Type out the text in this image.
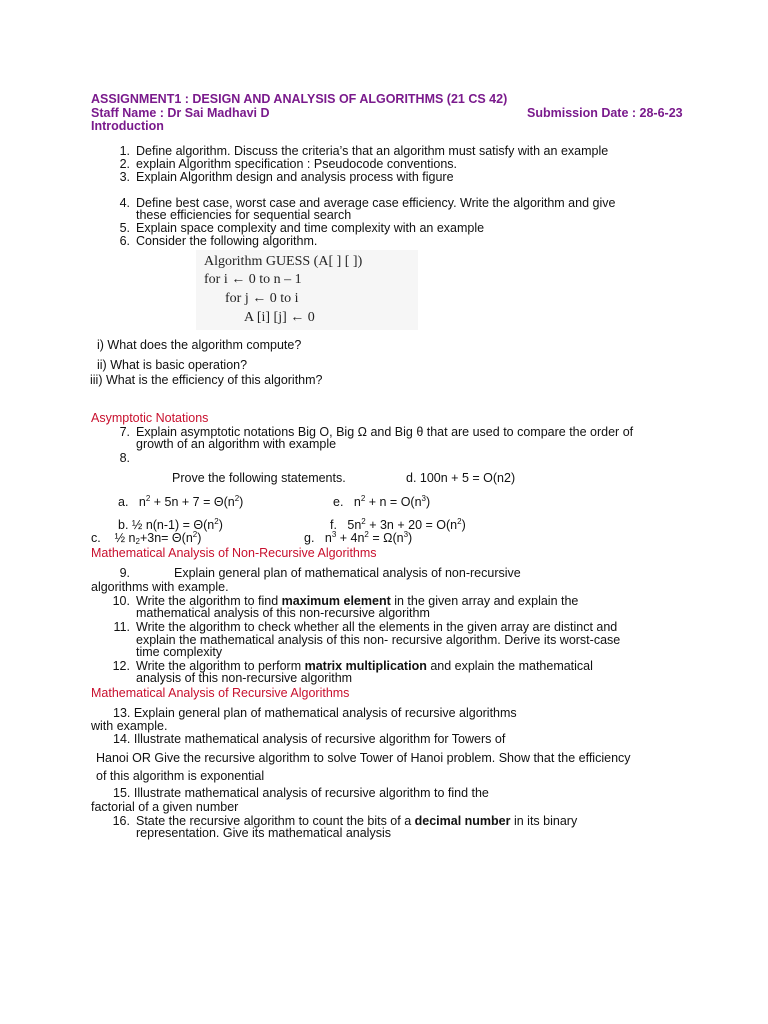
ASSIGNMENT1 : DESIGN AND ANALYSIS OF ALGORITHMS (21 CS 42)
Staff Name : Dr Sai Madhavi D	Submission Date : 28-6-23
Introduction
1. Define algorithm. Discuss the criteria’s that an algorithm must satisfy with an example
2. explain Algorithm specification : Pseudocode conventions.
3. Explain Algorithm design and analysis process with figure
4. Define best case, worst case and average case efficiency. Write the algorithm and give
these efficiencies for sequential search
5. Explain space complexity and time complexity with an example
6. Consider the following algorithm.
Algorithm GUESS (A[ ] [ ])
for i ← 0 to n – 1
for j ← 0 to i
A [i] [j] ← 0
i) What does the algorithm compute?
ii) What is basic operation?
iii) What is the efficiency of this algorithm?
Asymptotic Notations
7. Explain asymptotic notations Big O, Big Ω and Big θ that are used to compare the order of
growth of an algorithm with example
8.
Prove the following statements.	d. 100n + 5 = O(n2)
a. $n^2 + 5n + 7 = \Theta(n^2)$	e. $n^2 + n = O(n^3)$
b. ½ $n(n-1) = \Theta(n^2)$	f. $5n^2 + 3n + 20 = O(n^2)$
c. ½ $n_2+3n= \Theta(n^2)$	g. $n^3 + 4n^2 = \Omega(n^3)$
Mathematical Analysis of Non-Recursive Algorithms
9.	Explain general plan of mathematical analysis of non-recursive
algorithms with example.
10. Write the algorithm to find maximum element in the given array and explain the
mathematical analysis of this non-recursive algorithm
11. Write the algorithm to check whether all the elements in the given array are distinct and
explain the mathematical analysis of this non- recursive algorithm. Derive its worst-case
time complexity
12. Write the algorithm to perform matrix multiplication and explain the mathematical
analysis of this non-recursive algorithm
Mathematical Analysis of Recursive Algorithms
13. Explain general plan of mathematical analysis of recursive algorithms
with example.
14. Illustrate mathematical analysis of recursive algorithm for Towers of
Hanoi OR Give the recursive algorithm to solve Tower of Hanoi problem. Show that the efficiency
of this algorithm is exponential
15. Illustrate mathematical analysis of recursive algorithm to find the
factorial of a given number
16. State the recursive algorithm to count the bits of a decimal number in its binary
representation. Give its mathematical analysis
